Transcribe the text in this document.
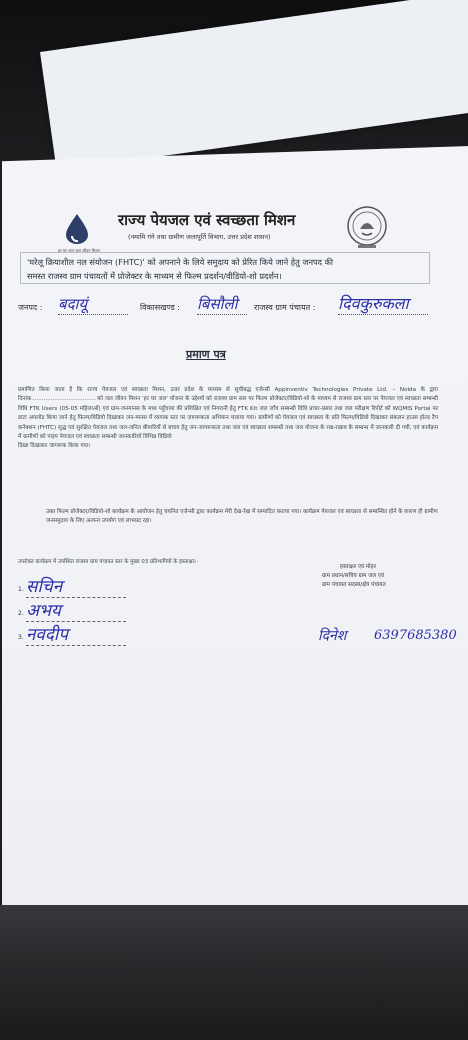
हर घर जल जल जीवन मिशन
राज्य पेयजल एवं स्वच्छता मिशन
(नमामि गंगे तथा ग्रामीण जलापूर्ति विभाग, उत्तर प्रदेश शासन)
'घरेलू क्रियाशील नल संयोजन (FHTC)' को अपनाने के लिये समुदाय को प्रेरित किये जाने हेतु जनपद की
समस्त राजस्व ग्राम पंचायतों में प्रोजेक्टर के माध्यम से फिल्म प्रदर्शन/वीडियो-शो प्रदर्शन।
जनपद : बदायूं	विकासखण्ड : बिसौली	राजस्व ग्राम पंचायत : दिवकुरुकला
प्रमाण पत्र
प्रमाणित किया जाता है कि राज्य पेयजल एवं स्वच्छता मिशन, उत्तर प्रदेश के माध्यम से सूचीबद्ध एजेन्सी Appinventiv Technologies Private Ltd. – Noida के द्वारा दिनांक.................................... को जल जीवन मिशन 'हर घर जल' योजना के उद्देश्यों को राजस्व ग्राम स्तर पर फिल्म प्रोजेक्टर/विडियो-शो के माध्यम से राजस्व ग्राम स्तर पर पेयजल एवं स्वच्छता सम्बन्धी विधि FTK Users (05-05 महिलाओं) एवं ग्राम-जनमानस के मध्य पहुँचाया की प्रशिक्षित एवं निगरानी हेतु FTK Kit जल जाँच सम्बन्धी विधि प्रचार-प्रसार तथा जल परीक्षण रिपोर्ट को WQMIS Portal पर डाटा अपलोड किया जाने हेतु फिल्म/विडियो दिखाकर जन-मानस में व्यापक स्तर पर जागरूकता अभियान चलाया गया। ग्रामीणों को पेयजल एवं स्वच्छता के प्रति फिल्म/विडियो दिखाकर संकलन हाउस होल्ड टैप कनेक्शन (FHTC) शुद्ध एवं सुरक्षित पेयजल तथा जल-जनित बीमारियों से बचाव हेतु जन-जागरूकता तथा जल एवं स्वच्छता सम्बन्धी तथा जल योजना के रख-रखाव के सम्बन्ध में जानकारी दी गयी, एवं कार्यक्रम में ग्रामीणों को पाइप पेयजल एवं स्वच्छता सम्बन्धी जानकारियाँ विभिन्न विडियो
दिखा दिखाकर जागरूक किया गया।
उक्त फिल्म प्रोजेक्टर/विडियो-शो कार्यक्रम के आयोजन हेतु चयनित एजेन्सी द्वारा कार्यक्रम मेरी देख-रेख में सम्पादित कराया गया। कार्यक्रम पेयजल एवं स्वच्छता से सम्बन्धित होने के कारण ही ग्रामीण जनसमुदाय के लिए अत्यन्त उपयोग एवं लाभप्रद रहा।
उपरोक्त कार्यक्रम में उपस्थित राजस्व ग्राम पंचायत स्तर के मुख्य 03 प्रतिभागियों के हस्ताक्षर:-
1. सचिन
2. अभय
3. नवदीप
हस्ताक्षर एवं मोहर
ग्राम प्रधान/सचिव ग्राम जल एवं
ग्राम पंचायत सदस्य/क्षेत्र पंचायत
दिनेश 6397685380
